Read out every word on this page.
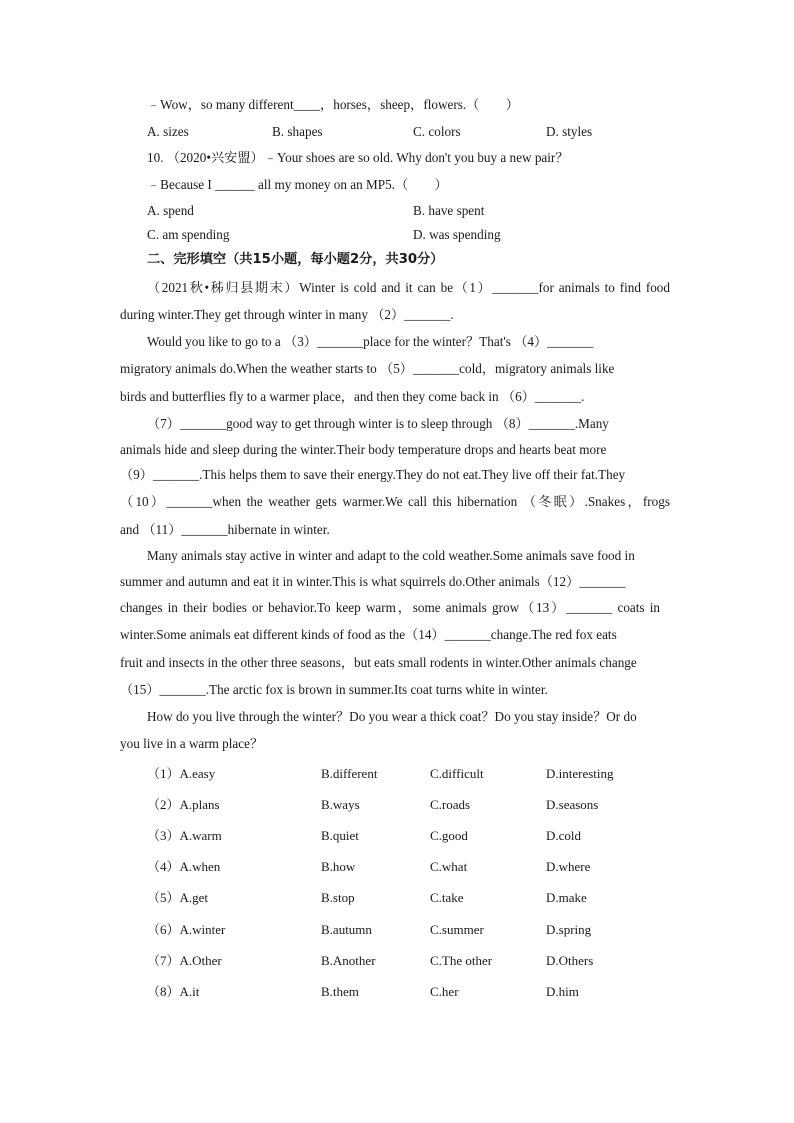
﹣Wow，so many different____，horses，sheep，flowers.（　　）
A. sizes	B. shapes	C. colors	D. styles
10. （2020•兴安盟）﹣Your shoes are so old. Why don't you buy a new pair？
﹣Because I ______ all my money on an MP5.（　　）
A. spend	B. have spent
C. am spending	D. was spending
二、完形填空（共15小题，每小题2分，共30分）
（2021秋•秭归县期末）Winter is cold and it can be（1）_______for animals to find food
during winter.They get through winter in many （2）_______.
Would you like to go to a （3）_______place for the winter？That's （4）_______
migratory animals do.When the weather starts to （5）_______cold，migratory animals like
birds and butterflies fly to a warmer place，and then they come back in （6）_______.
（7）_______good way to get through winter is to sleep through （8）_______.Many
animals hide and sleep during the winter.Their body temperature drops and hearts beat more
（9）_______.This helps them to save their energy.They do not eat.They live off their fat.They
（10）_______when the weather gets warmer.We call this hibernation （冬眠）.Snakes，frogs
and （11）_______hibernate in winter.
Many animals stay active in winter and adapt to the cold weather.Some animals save food in
summer and autumn and eat it in winter.This is what squirrels do.Other animals（12）_______
changes in their bodies or behavior.To keep warm，some animals grow（13）_______ coats in
winter.Some animals eat different kinds of food as the（14）_______change.The red fox eats
fruit and insects in the other three seasons，but eats small rodents in winter.Other animals change
（15）_______.The arctic fox is brown in summer.Its coat turns white in winter.
How do you live through the winter？Do you wear a thick coat？Do you stay inside？Or do
you live in a warm place？
（1）A.easy	B.different	C.difficult	D.interesting
（2）A.plans	B.ways	C.roads	D.seasons
（3）A.warm	B.quiet	C.good	D.cold
（4）A.when	B.how	C.what	D.where
（5）A.get	B.stop	C.take	D.make
（6）A.winter	B.autumn	C.summer	D.spring
（7）A.Other	B.Another	C.The other	D.Others
（8）A.it	B.them	C.her	D.him
